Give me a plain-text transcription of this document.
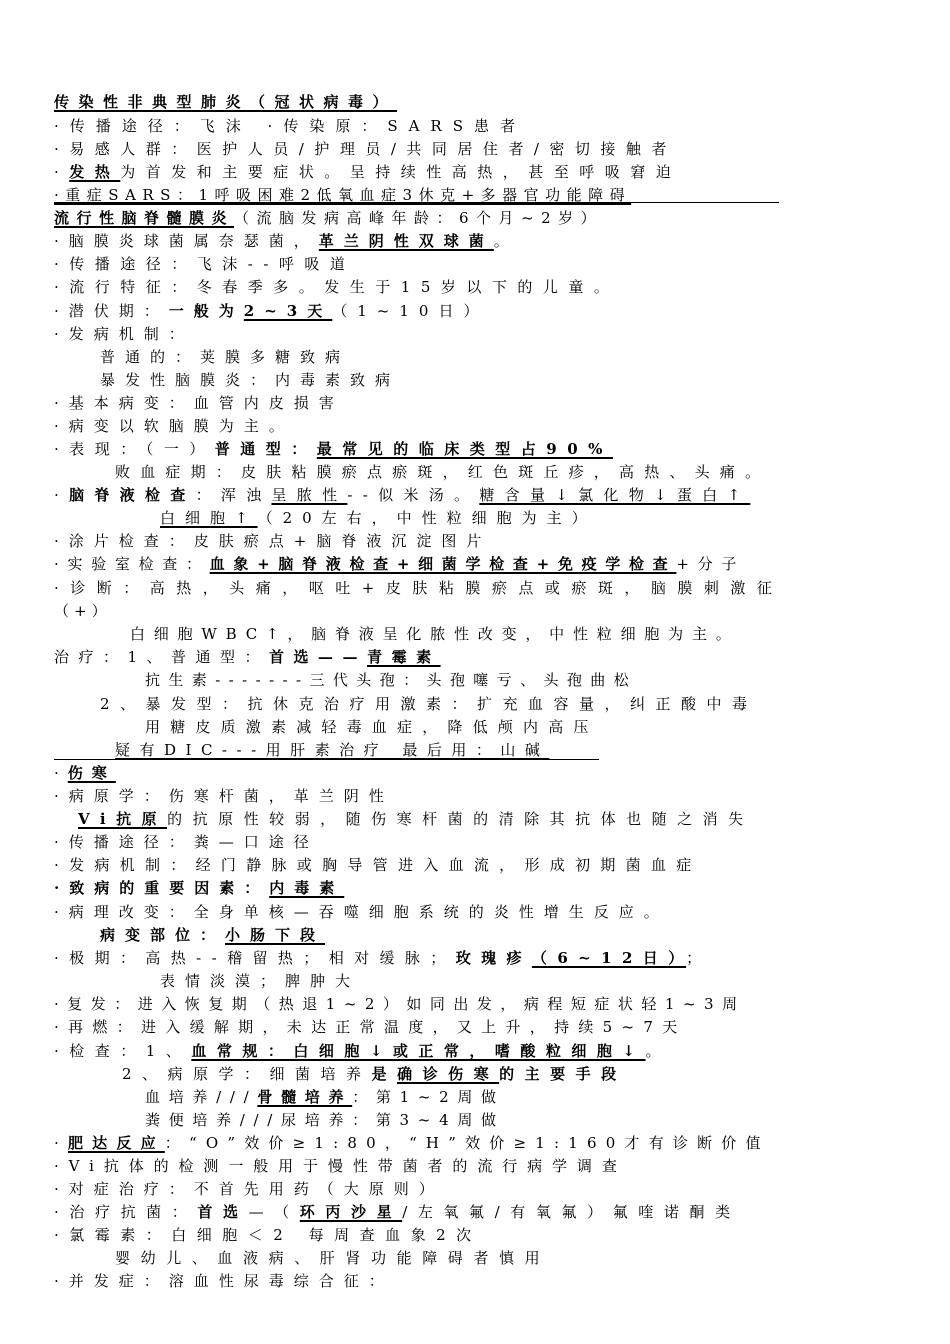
传染性非典型肺炎（冠状病毒）
·传播途径：飞沫 ·传染原：SARS患者
·易感人群：医护人员/护理员/共同居住者/密切接触者
·发热为首发和主要症状。呈持续性高热，甚至呼吸窘迫
·重症SARS：1呼吸困难2低氧血症3休克+多器官功能障碍
流行性脑脊髓膜炎（流脑发病高峰年龄：6个月~2岁）
·脑膜炎球菌属奈瑟菌，革兰阴性双球菌。
·传播途径：飞沫--呼吸道
·流行特征：冬春季多。发生于15岁以下的儿童。
·潜伏期：一般为2~3天（1~10日）
·发病机制：
普通的：荚膜多糖致病
暴发性脑膜炎：内毒素致病
·基本病变：血管内皮损害
·病变以软脑膜为主。
·表现：（一）普通型：最常见的临床类型占90%
败血症期：皮肤粘膜瘀点瘀斑，红色斑丘疹，高热、头痛。
·脑脊液检查：浑浊呈脓性--似米汤。糖含量↓氯化物↓蛋白↑
白细胞↑（20左右，中性粒细胞为主）
·涂片检查：皮肤瘀点+脑脊液沉淀图片
·实验室检查：血象+脑脊液检查+细菌学检查+免疫学检查+分子
·诊断：高热，头痛，呕吐+皮肤粘膜瘀点或瘀斑，脑膜刺激征
（+）
白细胞WBC↑，脑脊液呈化脓性改变，中性粒细胞为主。
治疗：1、普通型：首选——青霉素
抗生素-------三代头孢：头孢噻亏、头孢曲松
2、暴发型：抗休克治疗用激素：扩充血容量，纠正酸中毒
用糖皮质激素减轻毒血症，降低颅内高压
疑有DIC---用肝素治疗 最后用：山碱
·伤寒
·病原学：伤寒杆菌，革兰阴性
Vi抗原的抗原性较弱，随伤寒杆菌的清除其抗体也随之消失
·传播途径：粪—口途径
·发病机制：经门静脉或胸导管进入血流，形成初期菌血症
·致病的重要因素：内毒素
·病理改变：全身单核—吞噬细胞系统的炎性增生反应。
病变部位：小肠下段
·极期：高热--稽留热；相对缓脉；玫瑰疹（6~12日）；
表情淡漠；脾肿大
·复发：进入恢复期（热退1~2）如同出发，病程短症状轻1~3周
·再燃：进入缓解期，未达正常温度，又上升，持续5~7天
·检查：1、血常规：白细胞↓或正常，嗜酸粒细胞↓。
2、病原学：细菌培养是确诊伤寒的主要手段
血培养///骨髓培养：第1~2周做
粪便培养///尿培养：第3~4周做
·肥达反应：“O”效价≥1:80，“H”效价≥1:160才有诊断价值
·Vi抗体的检测一般用于慢性带菌者的流行病学调查
·对症治疗：不首先用药（大原则）
·治疗抗菌：首选—（环丙沙星/左氧氟/有氧氟）氟喹诺酮类
·氯霉素：白细胞＜2 每周查血象2次
婴幼儿、血液病、肝肾功能障碍者慎用
·并发症：溶血性尿毒综合征：
